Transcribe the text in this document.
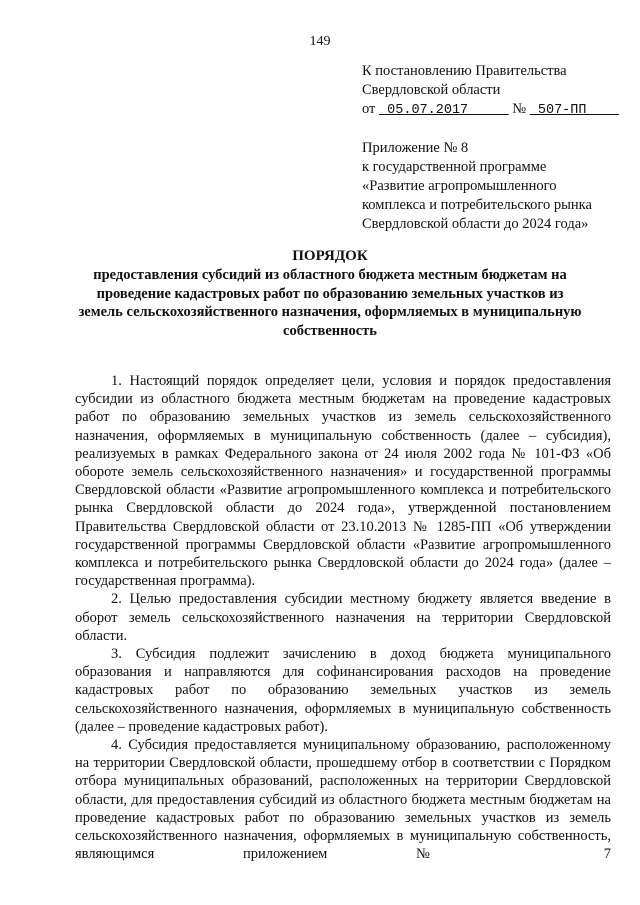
149
К постановлению Правительства
Свердловской области
от 05.07.2017	№ 507-ПП
Приложение № 8
к государственной программе
«Развитие агропромышленного
комплекса и потребительского рынка
Свердловской области до 2024 года»
ПОРЯДОК
предоставления субсидий из областного бюджета местным бюджетам на проведение кадастровых работ по образованию земельных участков из земель сельскохозяйственного назначения, оформляемых в муниципальную собственность

1. Настоящий порядок определяет цели, условия и порядок предоставления субсидии из областного бюджета местным бюджетам на проведение кадастровых работ по образованию земельных участков из земель сельскохозяйственного назначения, оформляемых в муниципальную собственность (далее – субсидия), реализуемых в рамках Федерального закона от 24 июля 2002 года № 101-ФЗ «Об обороте земель сельскохозяйственного назначения» и государственной программы Свердловской области «Развитие агропромышленного комплекса и потребительского рынка Свердловской области до 2024 года», утвержденной постановлением Правительства Свердловской области от 23.10.2013 № 1285-ПП «Об утверждении государственной программы Свердловской области «Развитие агропромышленного комплекса и потребительского рынка Свердловской области до 2024 года» (далее – государственная программа).

2. Целью предоставления субсидии местному бюджету является введение в оборот земель сельскохозяйственного назначения на территории Свердловской области.

3. Субсидия подлежит зачислению в доход бюджета муниципального образования и направляются для софинансирования расходов на проведение кадастровых работ по образованию земельных участков из земель сельскохозяйственного назначения, оформляемых в муниципальную собственность (далее – проведение кадастровых работ).

4. Субсидия предоставляется муниципальному образованию, расположенному на территории Свердловской области, прошедшему отбор в соответствии с Порядком отбора муниципальных образований, расположенных на территории Свердловской области, для предоставления субсидий из областного бюджета местным бюджетам на проведение кадастровых работ по образованию земельных участков из земель сельскохозяйственного назначения, оформляемых в муниципальную собственность, являющимся приложением № 7
